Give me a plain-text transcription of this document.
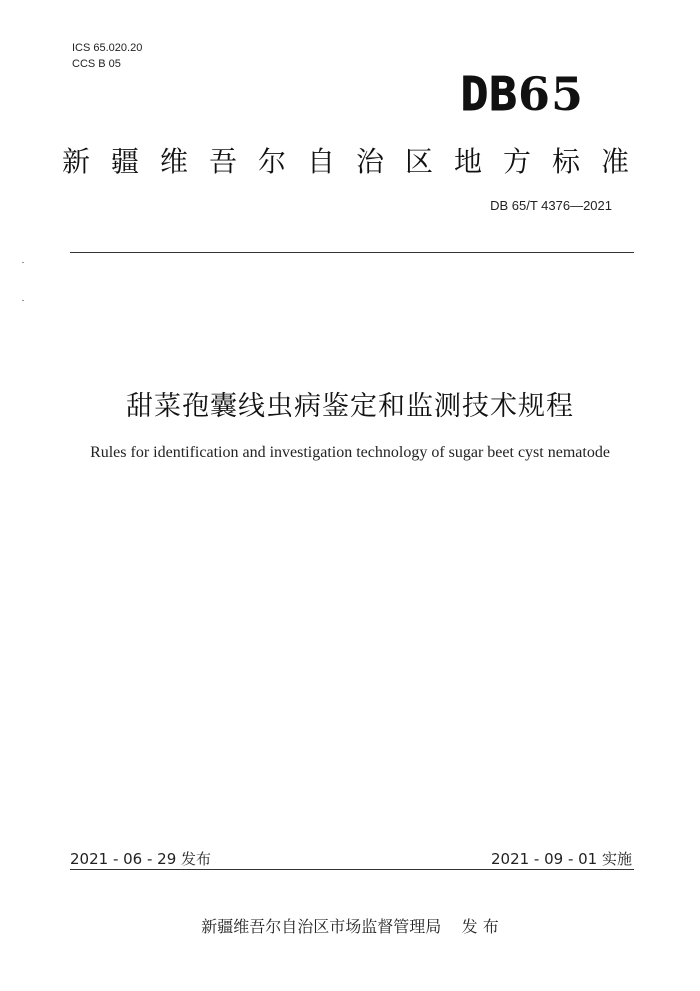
ICS 65.020.20
CCS B 05
DB65
新疆维吾尔自治区地方标准
DB 65/T 4376—2021
甜菜孢囊线虫病鉴定和监测技术规程
Rules for identification and investigation technology of sugar beet cyst nematode
2021 - 06 - 29 发布	2021 - 09 - 01 实施
新疆维吾尔自治区市场监督管理局    发 布
